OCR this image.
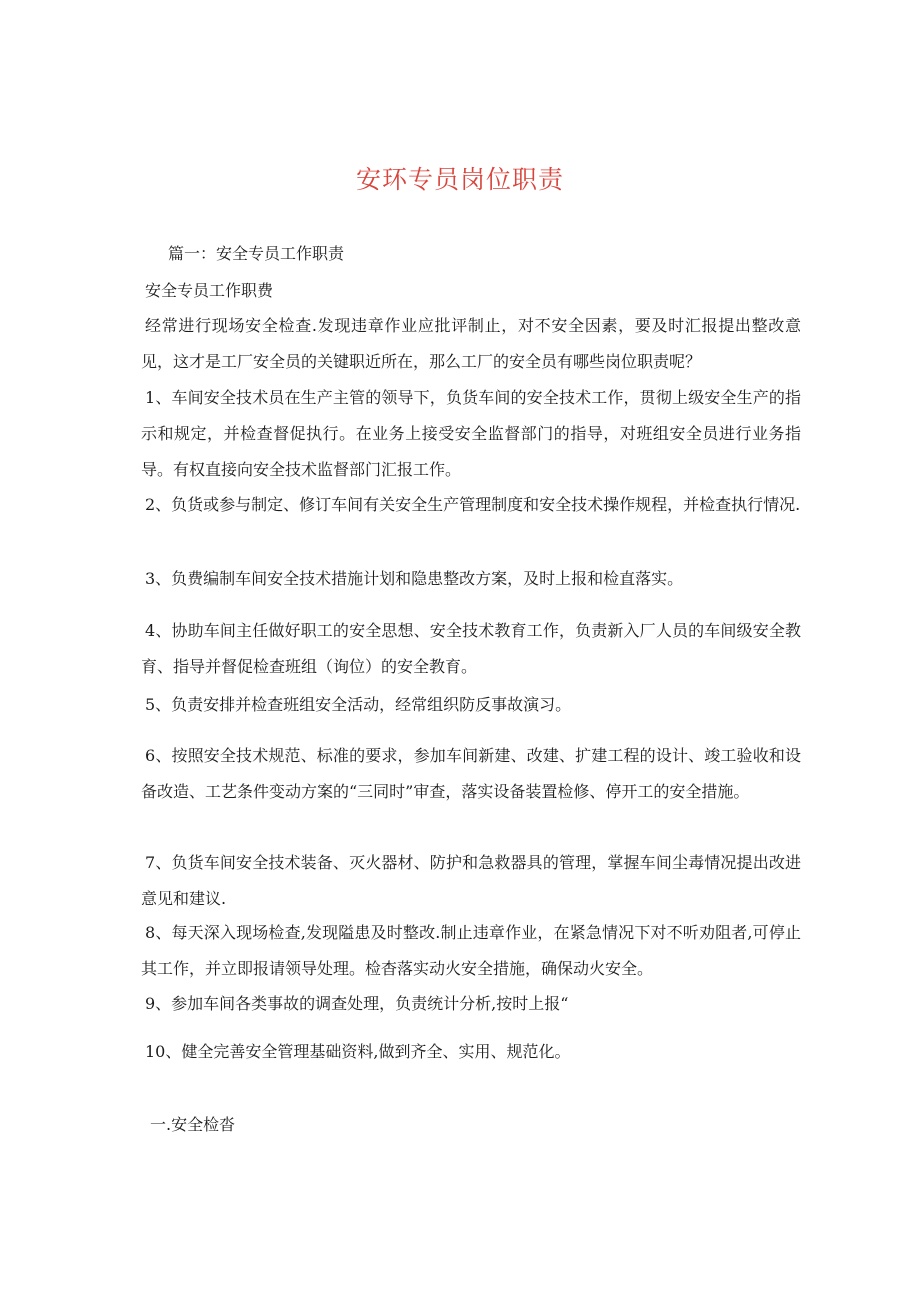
安环专员岗位职责

篇一：安全专员工作职责

安全专员工作职费

经常进行现场安全检查.发现违章作业应批评制止，对不安全因素，要及时汇报提出整改意见，这才是工厂安全员的关键职近所在，那么工厂的安全员有哪些岗位职责呢？

1、车间安全技术员在生产主管的领导下，负货车间的安全技术工作，贯彻上级安全生产的指示和规定，并检查督促执行。在业务上接受安全监督部门的指导，对班组安全员进行业务指导。有权直接向安全技术监督部门汇报工作。

2、负货或参与制定、修订车间有关安全生产管理制度和安全技术操作规程，并检查执行情况.

3、负费编制车间安全技术措施计划和隐患整改方案，及时上报和检直落实。

4、协助车间主任做好职工的安全思想、安全技术教育工作，负责新入厂人员的车间级安全教育、指导并督促检查班组（询位）的安全教育。

5、负责安排并检查班组安全活动，经常组织防反事故演习。

6、按照安全技术规范、标准的要求，参加车间新建、改建、扩建工程的设计、竣工验收和设备改造、工艺条件变动方案的“三同时”审查，落实设备装置检修、停开工的安全措施。

7、负货车间安全技术装备、灭火器材、防护和急救器具的管理，掌握车间尘毒情况提出改进意见和建议.

8、每天深入现场检查,发现隘患及时整改.制止违章作业，在紧急情况下对不听劝阻者,可停止其工作，并立即报请领导处理。检杳落实动火安全措施，确保动火安全。

9、参加车间各类事故的调查处理，负责统计分析,按时上报“

10、健全完善安全管理基础资料,做到齐全、实用、规范化。

一.安全检沓
